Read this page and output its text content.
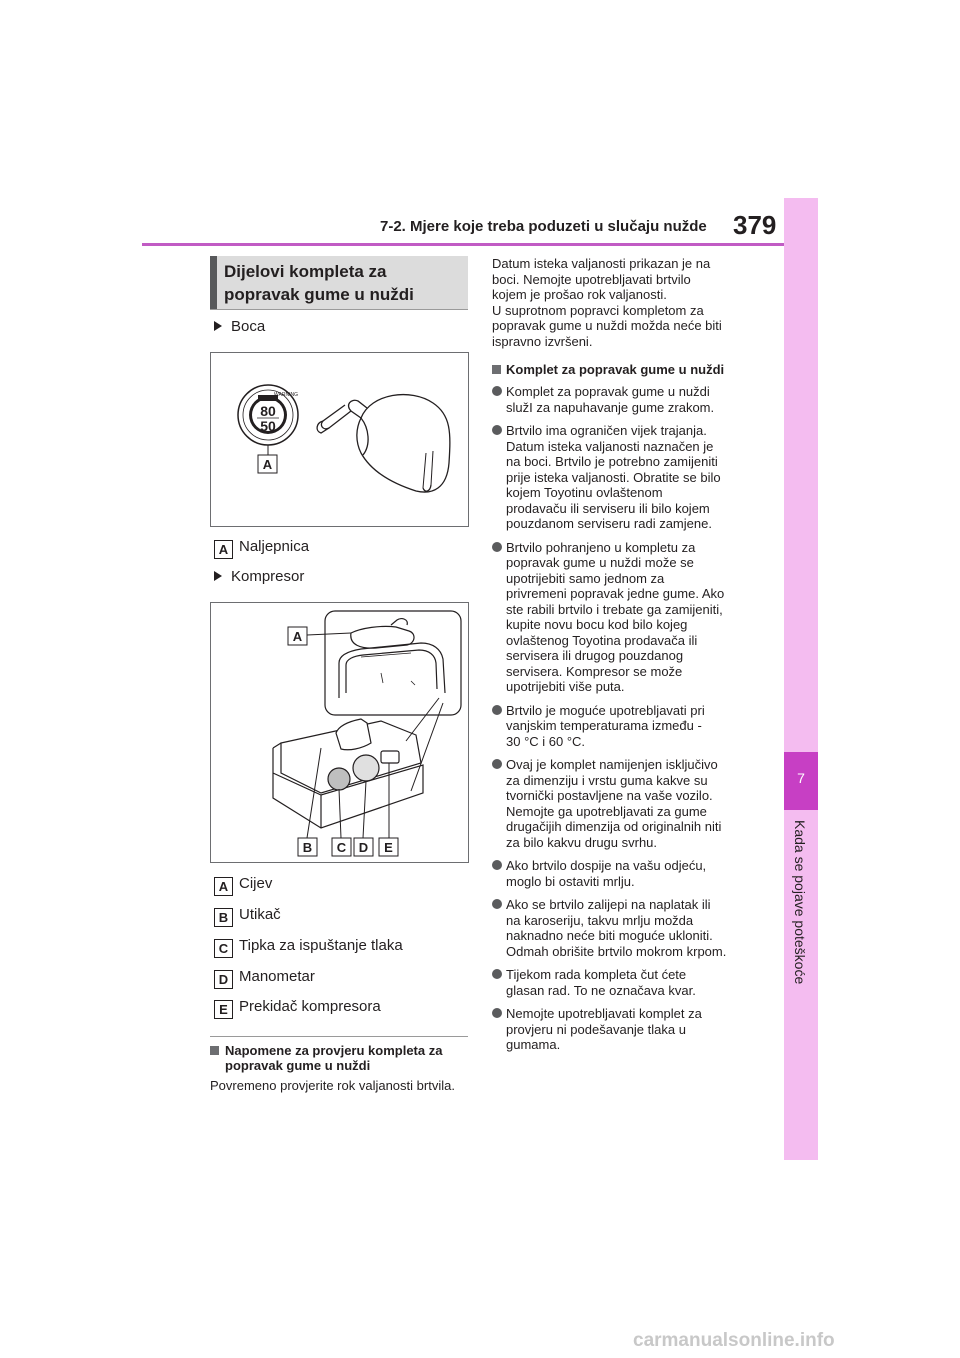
7-2. Mjere koje treba poduzeti u slučaju nužde 379
7
Kada se pojave poteškoće
Dijelovi kompleta za
popravak gume u nuždi
Boca
WARNING
80
50
A
A Naljepnica
Kompresor
A
B C D E
A Cijev
B Utikač
C Tipka za ispuštanje tlaka
D Manometar
E Prekidač kompresora
Napomene za provjeru kompleta za popravak gume u nuždi
Povremeno provjerite rok valjanosti brtvila.
Datum isteka valjanosti prikazan je na
boci. Nemojte upotrebljavati brtvilo
kojem je prošao rok valjanosti.
U suprotnom popravci kompletom za
popravak gume u nuždi možda neće biti
ispravno izvršeni.
Komplet za popravak gume u nuždi
Komplet za popravak gume u nuždi
služI za napuhavanje gume zrakom.
Brtvilo ima ograničen vijek trajanja.
Datum isteka valjanosti naznačen je
na boci. Brtvilo je potrebno zamijeniti
prije isteka valjanosti. Obratite se bilo
kojem Toyotinu ovlaštenom
prodavaču ili serviseru ili bilo kojem
pouzdanom serviseru radi zamjene.
Brtvilo pohranjeno u kompletu za
popravak gume u nuždi može se
upotrijebiti samo jednom za
privremeni popravak jedne gume. Ako
ste rabili brtvilo i trebate ga zamijeniti,
kupite novu bocu kod bilo kojeg
ovlaštenog Toyotina prodavača ili
servisera ili drugog pouzdanog
servisera. Kompresor se može
upotrijebiti više puta.
Brtvilo je moguće upotrebljavati pri
vanjskim temperaturama između -
30 °C i 60 °C.
Ovaj je komplet namijenjen isključivo
za dimenziju i vrstu guma kakve su
tvornički postavljene na vaše vozilo.
Nemojte ga upotrebljavati za gume
drugačijih dimenzija od originalnih niti
za bilo kakvu drugu svrhu.
Ako brtvilo dospije na vašu odjeću,
moglo bi ostaviti mrlju.
Ako se brtvilo zalijepi na naplatak ili
na karoseriju, takvu mrlju možda
naknadno neće biti moguće ukloniti.
Odmah obrišite brtvilo mokrom krpom.
Tijekom rada kompleta čut ćete
glasan rad. To ne označava kvar.
Nemojte upotrebljavati komplet za
provjeru ni podešavanje tlaka u
gumama.
carmanualsonline.info
